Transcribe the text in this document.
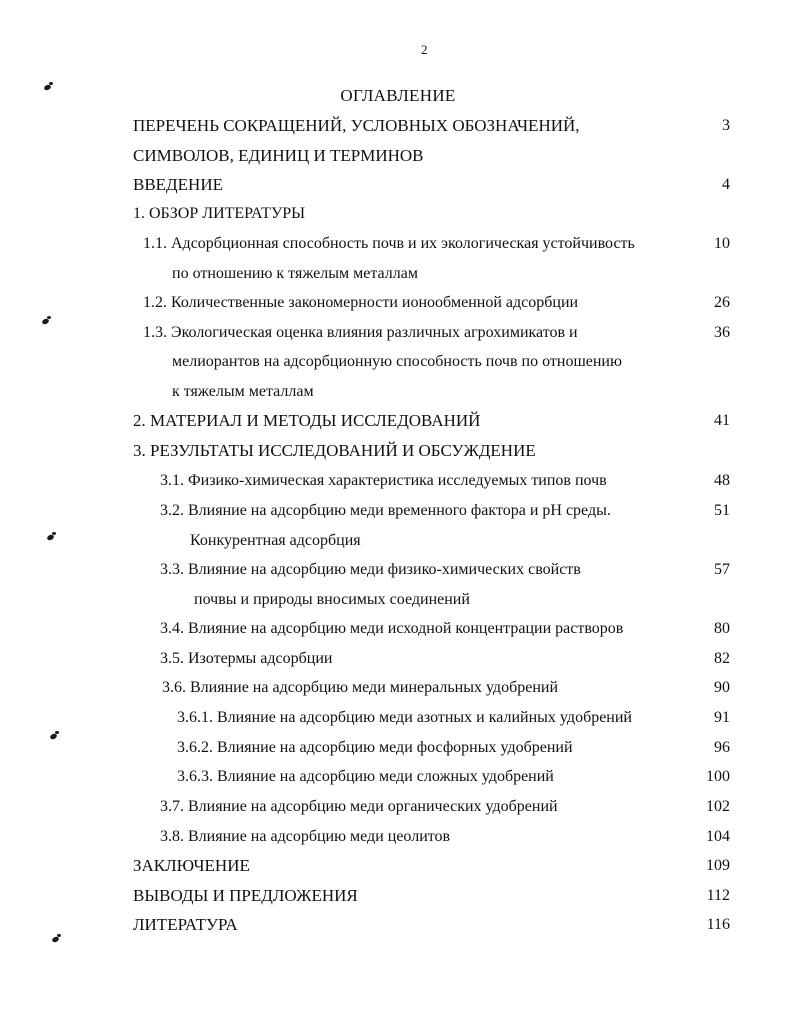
2
ОГЛАВЛЕНИЕ
ПЕРЕЧЕНЬ СОКРАЩЕНИЙ, УСЛОВНЫХ ОБОЗНАЧЕНИЙ,	3
СИМВОЛОВ, ЕДИНИЦ И ТЕРМИНОВ
ВВЕДЕНИЕ	4
1. ОБЗОР ЛИТЕРАТУРЫ
1.1. Адсорбционная способность почв и их экологическая устойчивость	10
по отношению к тяжелым металлам
1.2. Количественные закономерности ионообменной адсорбции	26
1.3. Экологическая оценка влияния различных агрохимикатов и	36
мелиорантов на адсорбционную способность почв по отношению
к тяжелым металлам
2. МАТЕРИАЛ И МЕТОДЫ ИССЛЕДОВАНИЙ	41
3. РЕЗУЛЬТАТЫ ИССЛЕДОВАНИЙ И ОБСУЖДЕНИЕ
3.1. Физико-химическая характеристика исследуемых типов почв	48
3.2. Влияние на адсорбцию меди временного фактора и pH среды.	51
Конкурентная адсорбция
3.3. Влияние на адсорбцию меди физико-химических свойств	57
почвы и природы вносимых соединений
3.4. Влияние на адсорбцию меди исходной концентрации растворов	80
3.5. Изотермы адсорбции	82
3.6. Влияние на адсорбцию меди минеральных удобрений	90
3.6.1. Влияние на адсорбцию меди азотных и калийных удобрений	91
3.6.2. Влияние на адсорбцию меди фосфорных удобрений	96
3.6.3. Влияние на адсорбцию меди сложных удобрений	100
3.7. Влияние на адсорбцию меди органических удобрений	102
3.8. Влияние на адсорбцию меди цеолитов	104
ЗАКЛЮЧЕНИЕ	109
ВЫВОДЫ И ПРЕДЛОЖЕНИЯ	112
ЛИТЕРАТУРА	116
